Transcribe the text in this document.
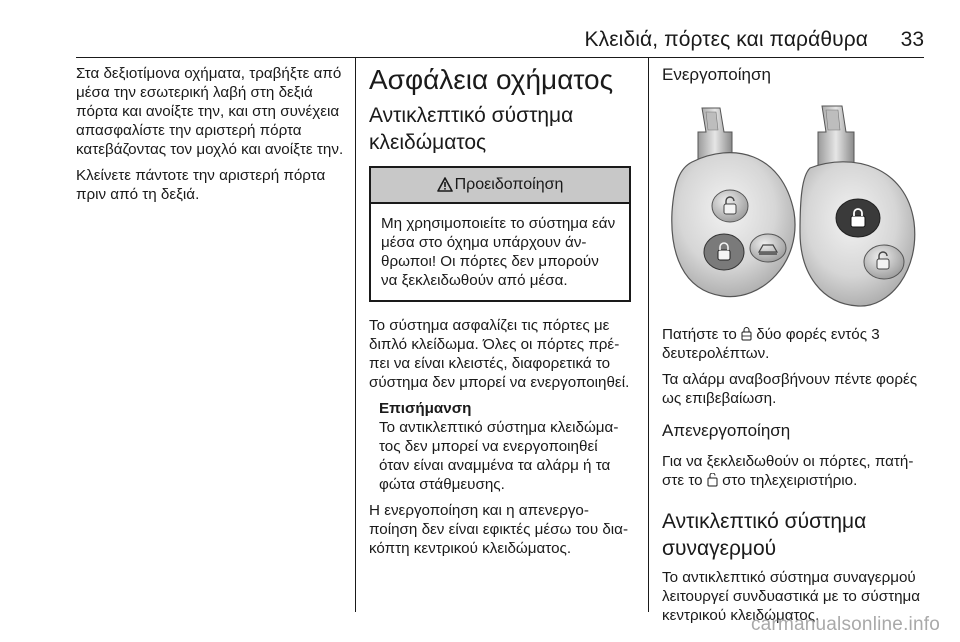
Κλειδιά, πόρτες και παράθυρα 33

Στα δεξιοτίμονα οχήματα, τραβήξτε από μέσα την εσωτερική λαβή στη δεξιά πόρτα και ανοίξτε την, και στη συνέχεια απασφαλίστε την αριστερή πόρτα κατεβάζοντας τον μοχλό και ανοίξτε την.

Κλείνετε πάντοτε την αριστερή πόρτα πριν από τη δεξιά.

Ασφάλεια οχήματος
Αντικλεπτικό σύστημα κλειδώματος
Προειδοποίηση
Μη χρησιμοποιείτε το σύστημα εάν μέσα στο όχημα υπάρχουν άνθρωποι! Οι πόρτες δεν μπορούν να ξεκλειδωθούν από μέσα.

Το σύστημα ασφαλίζει τις πόρτες με διπλό κλείδωμα. Όλες οι πόρτες πρέπει να είναι κλειστές, διαφορετικά το σύστημα δεν μπορεί να ενεργοποιηθεί.

Επισήμανση
Το αντικλεπτικό σύστημα κλειδώματος δεν μπορεί να ενεργοποιηθεί όταν είναι αναμμένα τα αλάρμ ή τα φώτα στάθμευσης.

Η ενεργοποίηση και η απενεργοποίηση δεν είναι εφικτές μέσω του διακόπτη κεντρικού κλειδώματος.

Ενεργοποίηση

Πατήστε το δύο φορές εντός 3 δευτερολέπτων.

Τα αλάρμ αναβοσβήνουν πέντε φορές ως επιβεβαίωση.

Απενεργοποίηση

Για να ξεκλειδωθούν οι πόρτες, πατήστε το στο τηλεχειριστήριο.

Αντικλεπτικό σύστημα συναγερμού

Το αντικλεπτικό σύστημα συναγερμού λειτουργεί συνδυαστικά με το σύστημα κεντρικού κλειδώματος.

carmanualsonline.info
